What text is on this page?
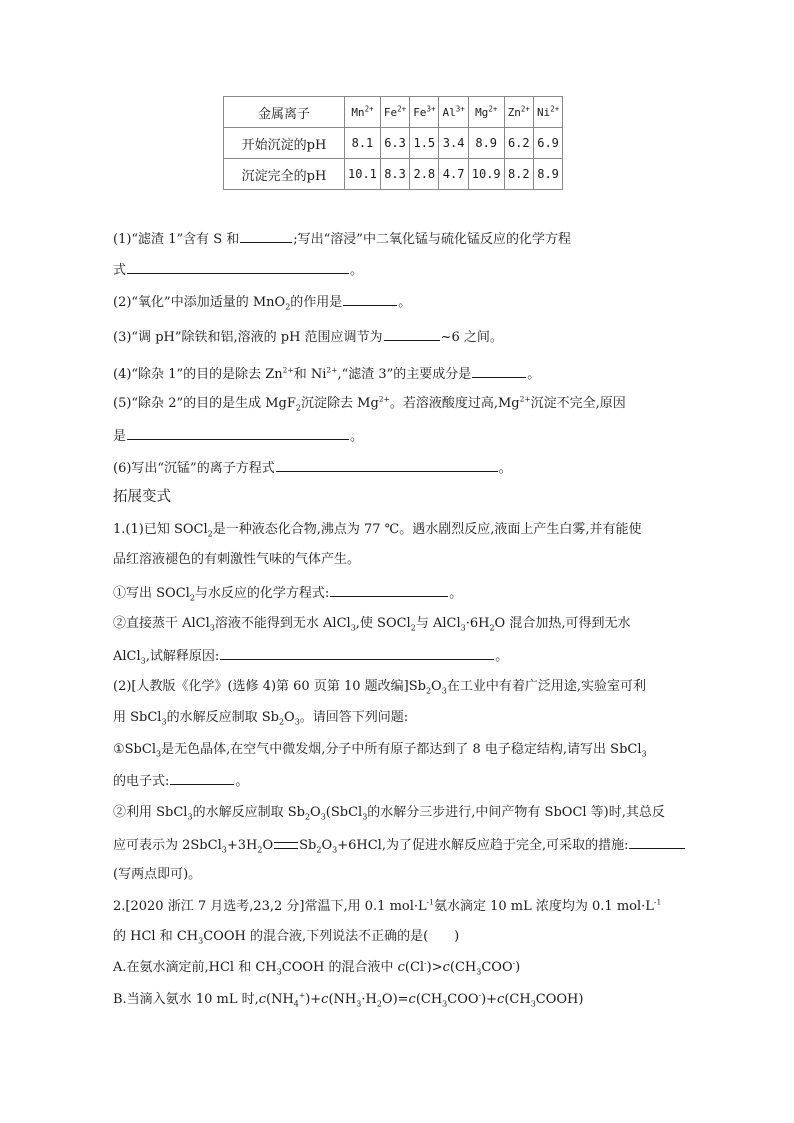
金属离子	$Mn^{2+}$	$Fe^{2+}$	$Fe^{3+}$	$Al^{3+}$	$Mg^{2+}$	$Zn^{2+}$	$Ni^{2+}$
开始沉淀的pH	8.1	6.3	1.5	3.4	8.9	6.2	6.9
沉淀完全的pH	10.1	8.3	2.8	4.7	10.9	8.2	8.9
(1)“滤渣 1”含有 S 和	;写出“溶浸”中二氧化锰与硫化锰反应的化学方程
式	。
(2)“氧化”中添加适量的 MnO$_2$的作用是	。
(3)“调 pH”除铁和铝,溶液的 pH 范围应调节为	~6 之间。
(4)“除杂 1”的目的是除去 $Zn^{2+}$和 $Ni^{2+},“$滤渣 3”的主要成分是	。
(5)“除杂 2”的目的是生成 MgF$_2$沉淀除去 $Mg^{2+}$。若溶液酸度过高$,Mg^{2+}$沉淀不完全,原因
是	。
(6)写出“沉锰”的离子方程式	。
拓展变式
1.(1)已知 SOCl$_2$是一种液态化合物,沸点为 77 ℃。遇水剧烈反应,液面上产生白雾,并有能使
品红溶液褪色的有刺激性气味的气体产生。
①写出 SOCl$_2$与水反应的化学方程式:	。
②直接蒸干 AlCl$_3$溶液不能得到无水 AlCl$_3$,使 SOCl$_2$与 $AlCl_3\cdot 6H_2O$ 混合加热,可得到无水
AlCl$_3$,试解释原因:	。
(2)[人教版《化学》(选修 4)第 60 页第 10 题改编]$Sb_2O_3$在工业中有着广泛用途,实验室可利
用 SbCl$_3$的水解反应制取 $Sb_2O_3$。请回答下列问题:
①SbCl$_3$是无色晶体,在空气中微发烟,分子中所有原子都达到了 8 电子稳定结构,请写出 SbCl$_3$
的电子式:	。
②利用 SbCl$_3$的水解反应制取 $Sb_2O_3(SbCl_3$的水解分三步进行,中间产物有 SbOCl 等)时,其总反
应可表示为 $2SbCl_3+3H_2O$ $Sb_2O_3+6HCl$,为了促进水解反应趋于完全,可采取的措施:
(写两点即可)。
2.[2020 浙江 7 月选考,23,2 分]常温下,用 0.1 $mol\cdot L^{-1}$氨水滴定 10 mL 浓度均为 0.1 $mol\cdot L^{-1}$
的 HCl 和 $CH_3COOH$ 的混合液,下列说法不正确的是( )
A.在氨水滴定前,HCl 和 $CH_3COOH$ 的混合液中 $c(Cl^-)>c(CH_3COO^-)$
B.当滴入氨水 10 mL 时$,c(NH_4^+)+c(NH_3\cdot H_2O)=c(CH_3COO^-)+c(CH_3COOH)$
